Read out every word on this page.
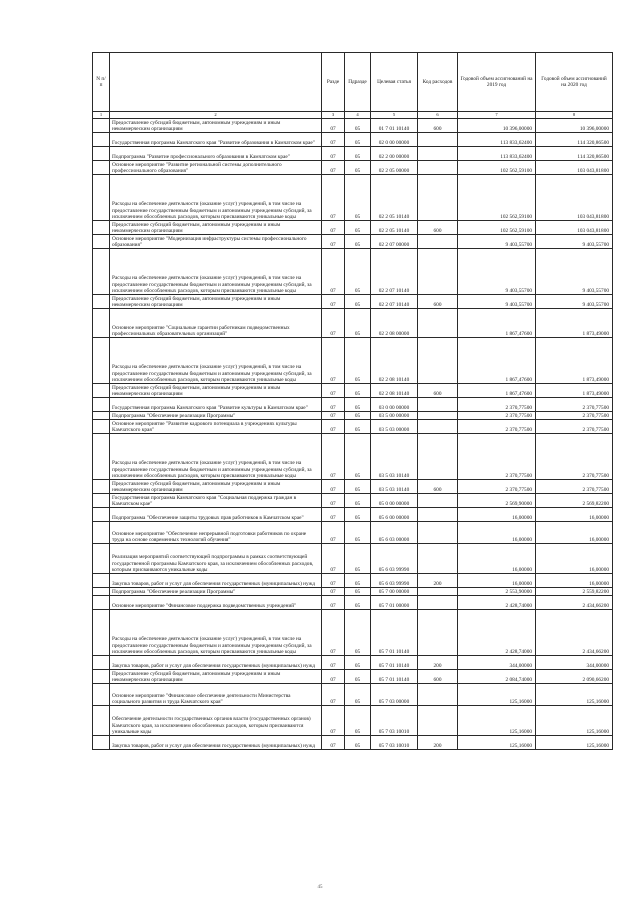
N п/п		Разде	Пдразде	Целевая статья	Код расходов	Годовой объем ассигнований на 2019 год	Годовой объем ассигнований на 2020 год
1	2	3	4	5	6	7	8
	Предоставление субсидий бюджетным, автономным учреждениям и иным некоммерческим организациям	07	05	01 7 01 10140	600	10 396,00000	10 396,00000
	Государственная программа Камчатского края "Развитие образования в Камчатском крае"	07	05	02 0 00 00000		113 833,62400	114 320,86500
	Подпрограмма "Развитие профессионального образования в Камчатском крае"	07	05	02 2 00 00000		113 833,62400	114 320,86500
	Основное мероприятие "Развитие региональной системы дополнительного профессионального образования"	07	05	02 2 05 00000		102 562,59100	103 043,81800
	Расходы на обеспечение деятельности (оказание услуг) учреждений, в том числе на предоставление государственным бюджетным и автономным учреждениям субсидий, за исключением обособленных расходов, которым присваиваются уникальные коды	07	05	02 2 05 10140		102 562,59100	103 043,81800
	Предоставление субсидий бюджетным, автономным учреждениям и иным некоммерческим организациям	07	05	02 2 05 10140	600	102 562,59100	103 043,81800
	Основное мероприятие "Модернизация инфраструктуры системы профессионального образования"	07	05	02 2 07 00000		9 403,55700	9 403,55700
	Расходы на обеспечение деятельности (оказание услуг) учреждений, в том числе на предоставление государственным бюджетным и автономным учреждениям субсидий, за исключением обособленных расходов, которым присваиваются уникальные коды	07	05	02 2 07 10140		9 403,55700	9 403,55700
	Предоставление субсидий бюджетным, автономным учреждениям и иным некоммерческим организациям	07	05	02 2 07 10140	600	9 403,55700	9 403,55700
	Основное мероприятие "Социальные гарантии работникам подведомственных профессиональных образовательных организаций"	07	05	02 2 08 00000		1 867,47600	1 873,49000
	Расходы на обеспечение деятельности (оказание услуг) учреждений, в том числе на предоставление государственным бюджетным и автономным учреждениям субсидий, за исключением обособленных расходов, которым присваиваются уникальные коды	07	05	02 2 08 10140		1 867,47600	1 873,49000
	Предоставление субсидий бюджетным, автономным учреждениям и иным некоммерческим организациям	07	05	02 2 08 10140	600	1 867,47600	1 873,49000
	Государственная программа Камчатского края "Развитие культуры в Камчатском крае"	07	05	03 0 00 00000		2 370,77500	2 370,77500
	Подпрограмма "Обеспечение реализации Программы"	07	05	03 5 00 00000		2 370,77500	2 370,77500
	Основное мероприятие "Развитие кадрового потенциала в учреждениях культуры Камчатского края"	07	05	03 5 03 00000		2 370,77500	2 370,77500
	Расходы на обеспечение деятельности (оказание услуг) учреждений, в том числе на предоставление государственным бюджетным и автономным учреждениям субсидий, за исключением обособленных расходов, которым присваиваются уникальные коды	07	05	03 5 03 10140		2 370,77500	2 370,77500
	Предоставление субсидий бюджетным, автономным учреждениям и иным некоммерческим организациям	07	05	03 5 03 10140	600	2 370,77500	2 370,77500
	Государственная программа Камчатского края "Социальная поддержка граждан в Камчатском крае"	07	05	05 0 00 00000		2 569,90000	2 569,82200
	Подпрограмма "Обеспечение защиты трудовых прав работников в Камчатском крае"	07	05	05 6 00 00000		16,00000	16,00000
	Основное мероприятие "Обеспечение непрерывной подготовки работников по охране труда на основе современных технологий обучения"	07	05	05 6 03 00000		16,00000	16,00000
	Реализация мероприятий соответствующей подпрограммы в рамках соответствующей государственной программы Камчатского края, за исключением обособленных расходов, которым присваиваются уникальные коды	07	05	05 6 03 99990		16,00000	16,00000
	Закупка товаров, работ и услуг для обеспечения государственных (муниципальных) нужд	07	05	05 6 03 99990	200	16,00000	16,00000
	Подпрограмма "Обеспечение реализации Программы"	07	05	05 7 00 00000		2 553,90000	2 559,82200
	Основное мероприятие "Финансовое поддержка подведомственных учреждений"	07	05	05 7 01 00000		2 428,74000	2 434,66200
	Расходы на обеспечение деятельности (оказание услуг) учреждений, в том числе на предоставление государственным бюджетным и автономным учреждениям субсидий, за исключением обособленных расходов, которым присваиваются уникальные коды	07	05	05 7 01 10140		2 428,74000	2 434,66200
	Закупка товаров, работ и услуг для обеспечения государственных (муниципальных) нужд	07	05	05 7 01 10140	200	344,00000	344,00000
	Предоставление субсидий бюджетным, автономным учреждениям и иным некоммерческим организациям	07	05	05 7 01 10140	600	2 084,74000	2 090,66200
	Основное мероприятие "Финансовое обеспечение деятельности Министерства социального развития и труда Камчатского края"	07	05	05 7 03 00000		125,16000	125,16000
	Обеспечение деятельности государственных органов власти (государственных органов) Камчатского края, за исключением обособленных расходов, которым присваиваются уникальные коды	07	05	05 7 03 10010		125,16000	125,16000
	Закупка товаров, работ и услуг для обеспечения государственных (муниципальных) нужд	07	05	05 7 03 10010	200	125,16000	125,16000
45
